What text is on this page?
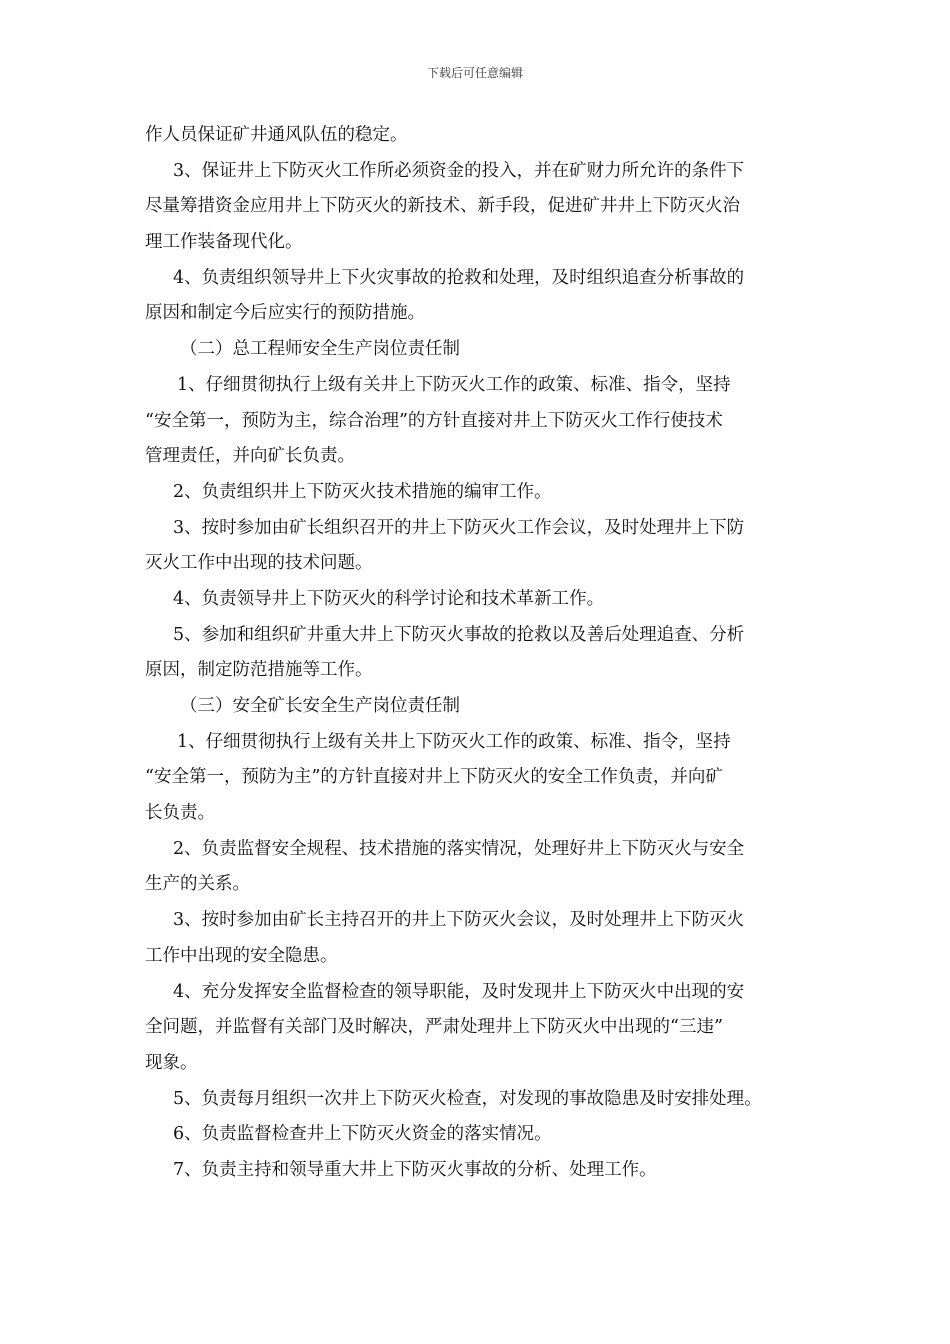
下载后可任意编辑
作人员保证矿井通风队伍的稳定。
3、保证井上下防灭火工作所必须资金的投入，并在矿财力所允许的条件下
尽量筹措资金应用井上下防灭火的新技术、新手段，促进矿井井上下防灭火治
理工作装备现代化。
4、负责组织领导井上下火灾事故的抢救和处理，及时组织追查分析事故的
原因和制定今后应实行的预防措施。
（二）总工程师安全生产岗位责任制
1、仔细贯彻执行上级有关井上下防灭火工作的政策、标准、指令，坚持
“安全第一，预防为主，综合治理”的方针直接对井上下防灭火工作行使技术
管理责任，并向矿长负责。
2、负责组织井上下防灭火技术措施的编审工作。
3、按时参加由矿长组织召开的井上下防灭火工作会议，及时处理井上下防
灭火工作中出现的技术问题。
4、负责领导井上下防灭火的科学讨论和技术革新工作。
5、参加和组织矿井重大井上下防灭火事故的抢救以及善后处理追查、分析
原因，制定防范措施等工作。
（三）安全矿长安全生产岗位责任制
1、仔细贯彻执行上级有关井上下防灭火工作的政策、标准、指令，坚持
“安全第一，预防为主”的方针直接对井上下防灭火的安全工作负责，并向矿
长负责。
2、负责监督安全规程、技术措施的落实情况，处理好井上下防灭火与安全
生产的关系。
3、按时参加由矿长主持召开的井上下防灭火会议，及时处理井上下防灭火
工作中出现的安全隐患。
4、充分发挥安全监督检查的领导职能，及时发现井上下防灭火中出现的安
全问题，并监督有关部门及时解决，严肃处理井上下防灭火中出现的“三违”
现象。
5、负责每月组织一次井上下防灭火检查，对发现的事故隐患及时安排处理。
6、负责监督检查井上下防灭火资金的落实情况。
7、负责主持和领导重大井上下防灭火事故的分析、处理工作。
